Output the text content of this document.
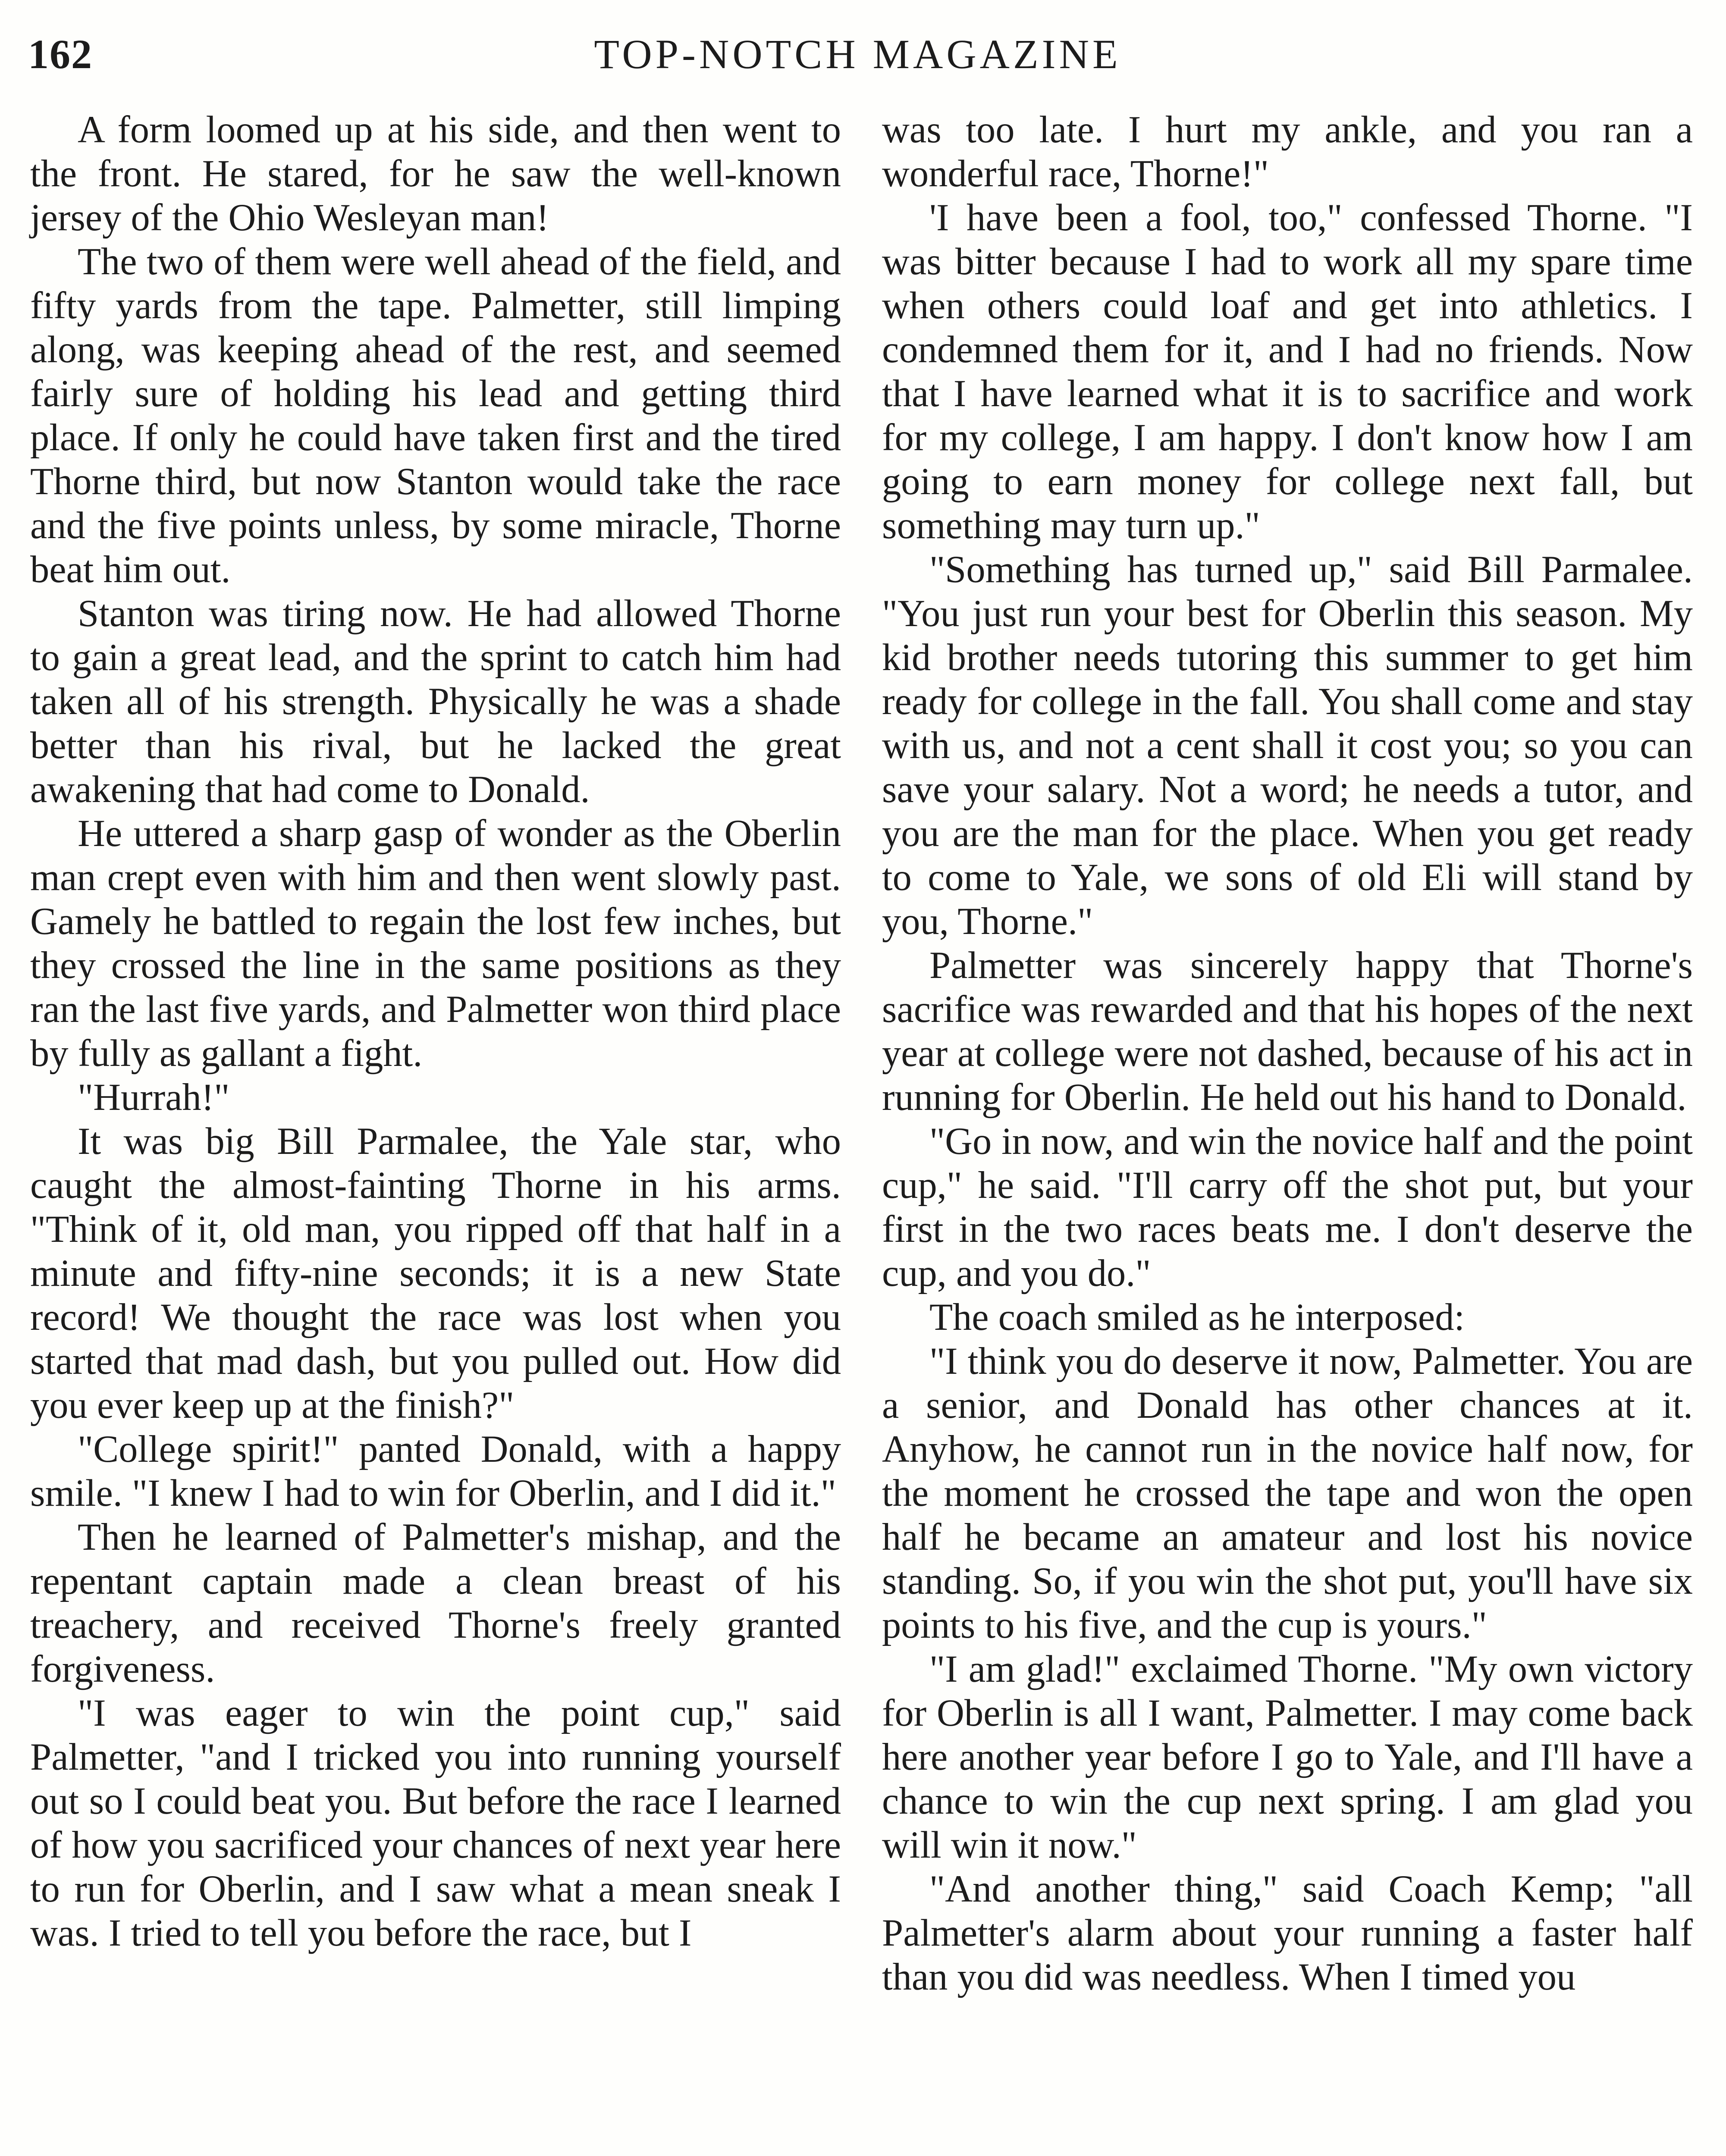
162	TOP-NOTCH MAGAZINE

A form loomed up at his side, and then went to the front. He stared, for he saw the well-known jersey of the Ohio Wesleyan man!

The two of them were well ahead of the field, and fifty yards from the tape. Palmetter, still limping along, was keeping ahead of the rest, and seemed fairly sure of holding his lead and getting third place. If only he could have taken first and the tired Thorne third, but now Stanton would take the race and the five points unless, by some miracle, Thorne beat him out.

Stanton was tiring now. He had allowed Thorne to gain a great lead, and the sprint to catch him had taken all of his strength. Physically he was a shade better than his rival, but he lacked the great awakening that had come to Donald.

He uttered a sharp gasp of wonder as the Oberlin man crept even with him and then went slowly past. Gamely he battled to regain the lost few inches, but they crossed the line in the same positions as they ran the last five yards, and Palmetter won third place by fully as gallant a fight.

"Hurrah!"

It was big Bill Parmalee, the Yale star, who caught the almost-fainting Thorne in his arms. "Think of it, old man, you ripped off that half in a minute and fifty-nine seconds; it is a new State record! We thought the race was lost when you started that mad dash, but you pulled out. How did you ever keep up at the finish?"

"College spirit!" panted Donald, with a happy smile. "I knew I had to win for Oberlin, and I did it."

Then he learned of Palmetter's mishap, and the repentant captain made a clean breast of his treachery, and received Thorne's freely granted forgiveness.

"I was eager to win the point cup," said Palmetter, "and I tricked you into running yourself out so I could beat you. But before the race I learned of how you sacrificed your chances of next year here to run for Oberlin, and I saw what a mean sneak I was. I tried to tell you before the race, but I

was too late. I hurt my ankle, and you ran a wonderful race, Thorne!"

'I have been a fool, too," confessed Thorne. "I was bitter because I had to work all my spare time when others could loaf and get into athletics. I condemned them for it, and I had no friends. Now that I have learned what it is to sacrifice and work for my college, I am happy. I don't know how I am going to earn money for college next fall, but something may turn up."

"Something has turned up," said Bill Parmalee. "You just run your best for Oberlin this season. My kid brother needs tutoring this summer to get him ready for college in the fall. You shall come and stay with us, and not a cent shall it cost you; so you can save your salary. Not a word; he needs a tutor, and you are the man for the place. When you get ready to come to Yale, we sons of old Eli will stand by you, Thorne."

Palmetter was sincerely happy that Thorne's sacrifice was rewarded and that his hopes of the next year at college were not dashed, because of his act in running for Oberlin. He held out his hand to Donald.

"Go in now, and win the novice half and the point cup," he said. "I'll carry off the shot put, but your first in the two races beats me. I don't deserve the cup, and you do."

The coach smiled as he interposed:

"I think you do deserve it now, Palmetter. You are a senior, and Donald has other chances at it. Anyhow, he cannot run in the novice half now, for the moment he crossed the tape and won the open half he became an amateur and lost his novice standing. So, if you win the shot put, you'll have six points to his five, and the cup is yours."

"I am glad!" exclaimed Thorne. "My own victory for Oberlin is all I want, Palmetter. I may come back here another year before I go to Yale, and I'll have a chance to win the cup next spring. I am glad you will win it now."

"And another thing," said Coach Kemp; "all Palmetter's alarm about your running a faster half than you did was needless. When I timed you
